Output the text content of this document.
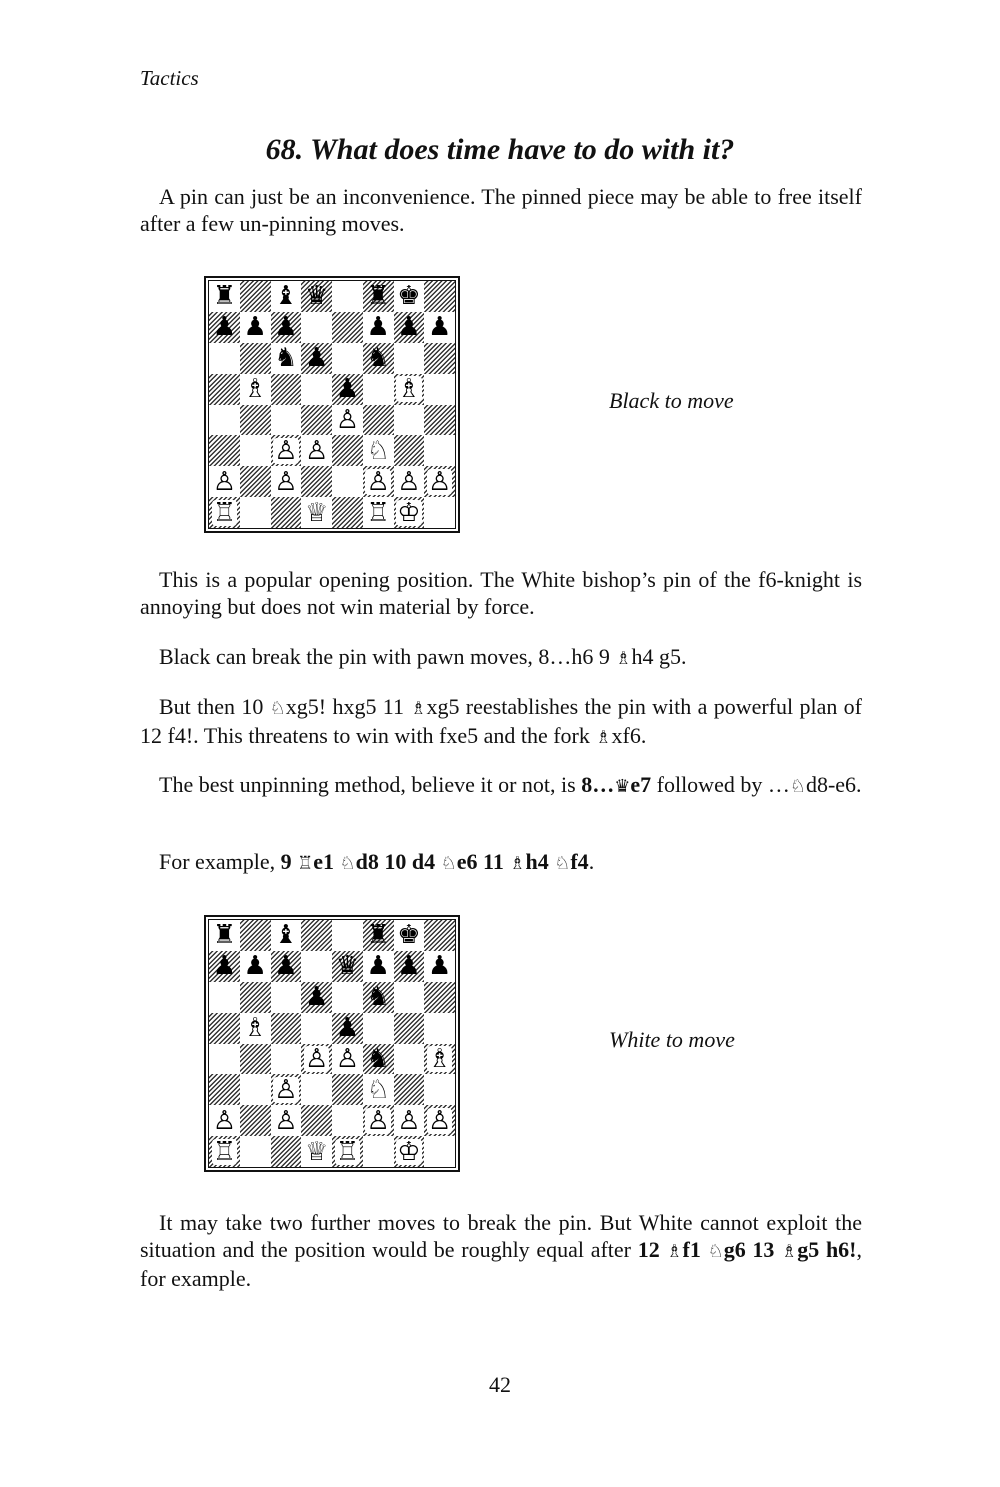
Tactics
68. What does time have to do with it?

A pin can just be an inconvenience. The pinned piece may be able to free itself after a few un-pinning moves.

♜ ♝ ♛ ♜ ♚
♟ ♟ ♟	♟ ♟ ♟
♞ ♟ ♞
♗	♟ ♗
♙
♙ ♙ ♘
♙ ♙	♙ ♙ ♙
♖	♕ ♖ ♔
Black to move

This is a popular opening position. The White bishop’s pin of the f6-knight is annoying but does not win material by force.

Black can break the pin with pawn moves, 8…h6 9 ♗h4 g5.

But then 10 ♘xg5! hxg5 11 ♗xg5 reestablishes the pin with a powerful plan of 12 f4!. This threatens to win with fxe5 and the fork ♗xf6.

The best unpinning method, believe it or not, is 8…♛e7 followed by …♘d8-e6.

For example, 9 ♖e1 ♘d8 10 d4 ♘e6 11 ♗h4 ♘f4.

♜ ♝	♜ ♚
♟ ♟ ♟ ♛ ♟ ♟ ♟
♟ ♞
♗	♟
♙ ♙ ♞ ♗
♙	♘
♙ ♙	♙ ♙ ♙
♖	♕ ♖ ♔
White to move

It may take two further moves to break the pin. But White cannot exploit the situation and the position would be roughly equal after 12 ♗f1 ♘g6 13 ♗g5 h6!, for example.

42
